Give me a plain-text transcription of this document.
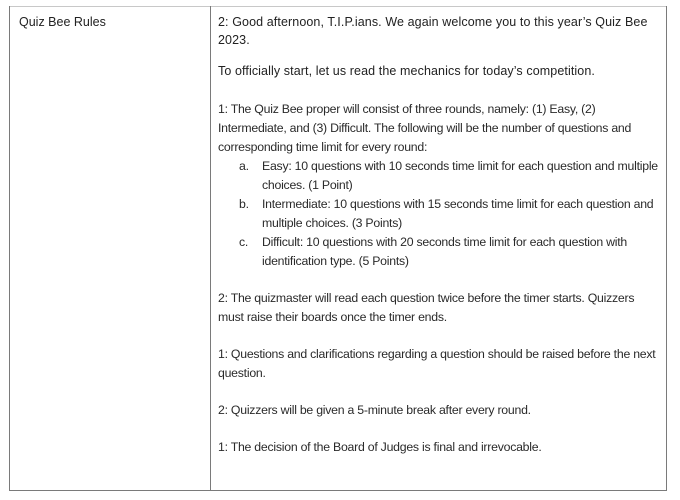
Quiz Bee Rules	2: Good afternoon, T.I.P.ians. We again welcome you to this year’s Quiz Bee 2023.

To officially start, let us read the mechanics for today’s competition.

1: The Quiz Bee proper will consist of three rounds, namely: (1) Easy, (2) Intermediate, and (3) Difficult. The following will be the number of questions and corresponding time limit for every round:

a.	Easy: 10 questions with 10 seconds time limit for each question and multiple choices. (1 Point)
b.	Intermediate: 10 questions with 15 seconds time limit for each question and multiple choices. (3 Points)
c.	Difficult: 10 questions with 20 seconds time limit for each question with identification type. (5 Points)

2: The quizmaster will read each question twice before the timer starts. Quizzers must raise their boards once the timer ends.

1: Questions and clarifications regarding a question should be raised before the next question.

2: Quizzers will be given a 5-minute break after every round.

1: The decision of the Board of Judges is final and irrevocable.
